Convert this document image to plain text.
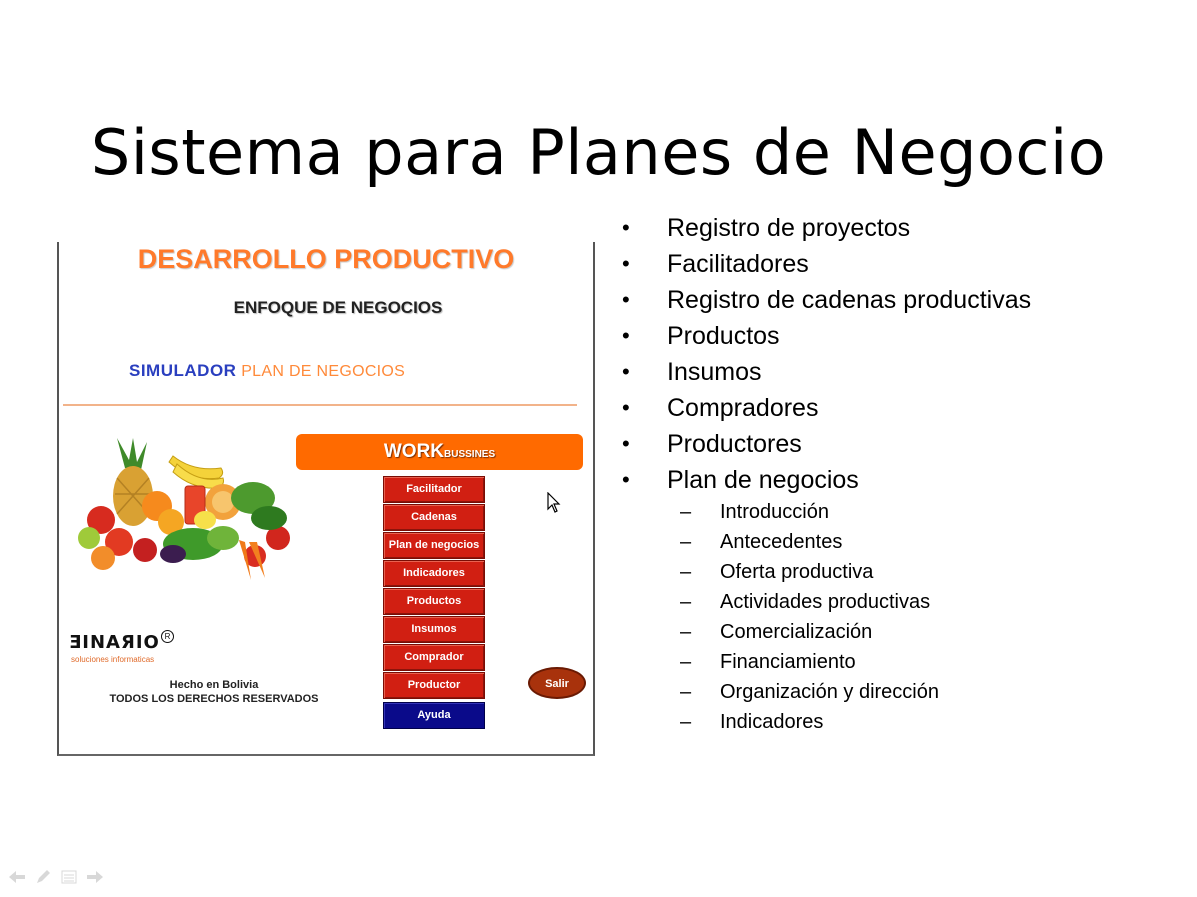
Sistema para Planes de Negocio
DESARROLLO PRODUCTIVO
ENFOQUE DE NEGOCIOS
SIMULADOR PLAN DE NEGOCIOS
WORKBUSSINES
Facilitador
Cadenas
Plan de negocios
Indicadores
Productos
Insumos
Comprador
Productor
Ayuda
Salir
ƎINAЯIO R
soluciones informaticas
Hecho en Bolivia
TODOS LOS DERECHOS RESERVADOS
• Registro de proyectos
• Facilitadores
• Registro de cadenas productivas
• Productos
• Insumos
• Compradores
• Productores
• Plan de negocios
– Introducción
– Antecedentes
– Oferta productiva
– Actividades productivas
– Comercialización
– Financiamiento
– Organización y dirección
– Indicadores
